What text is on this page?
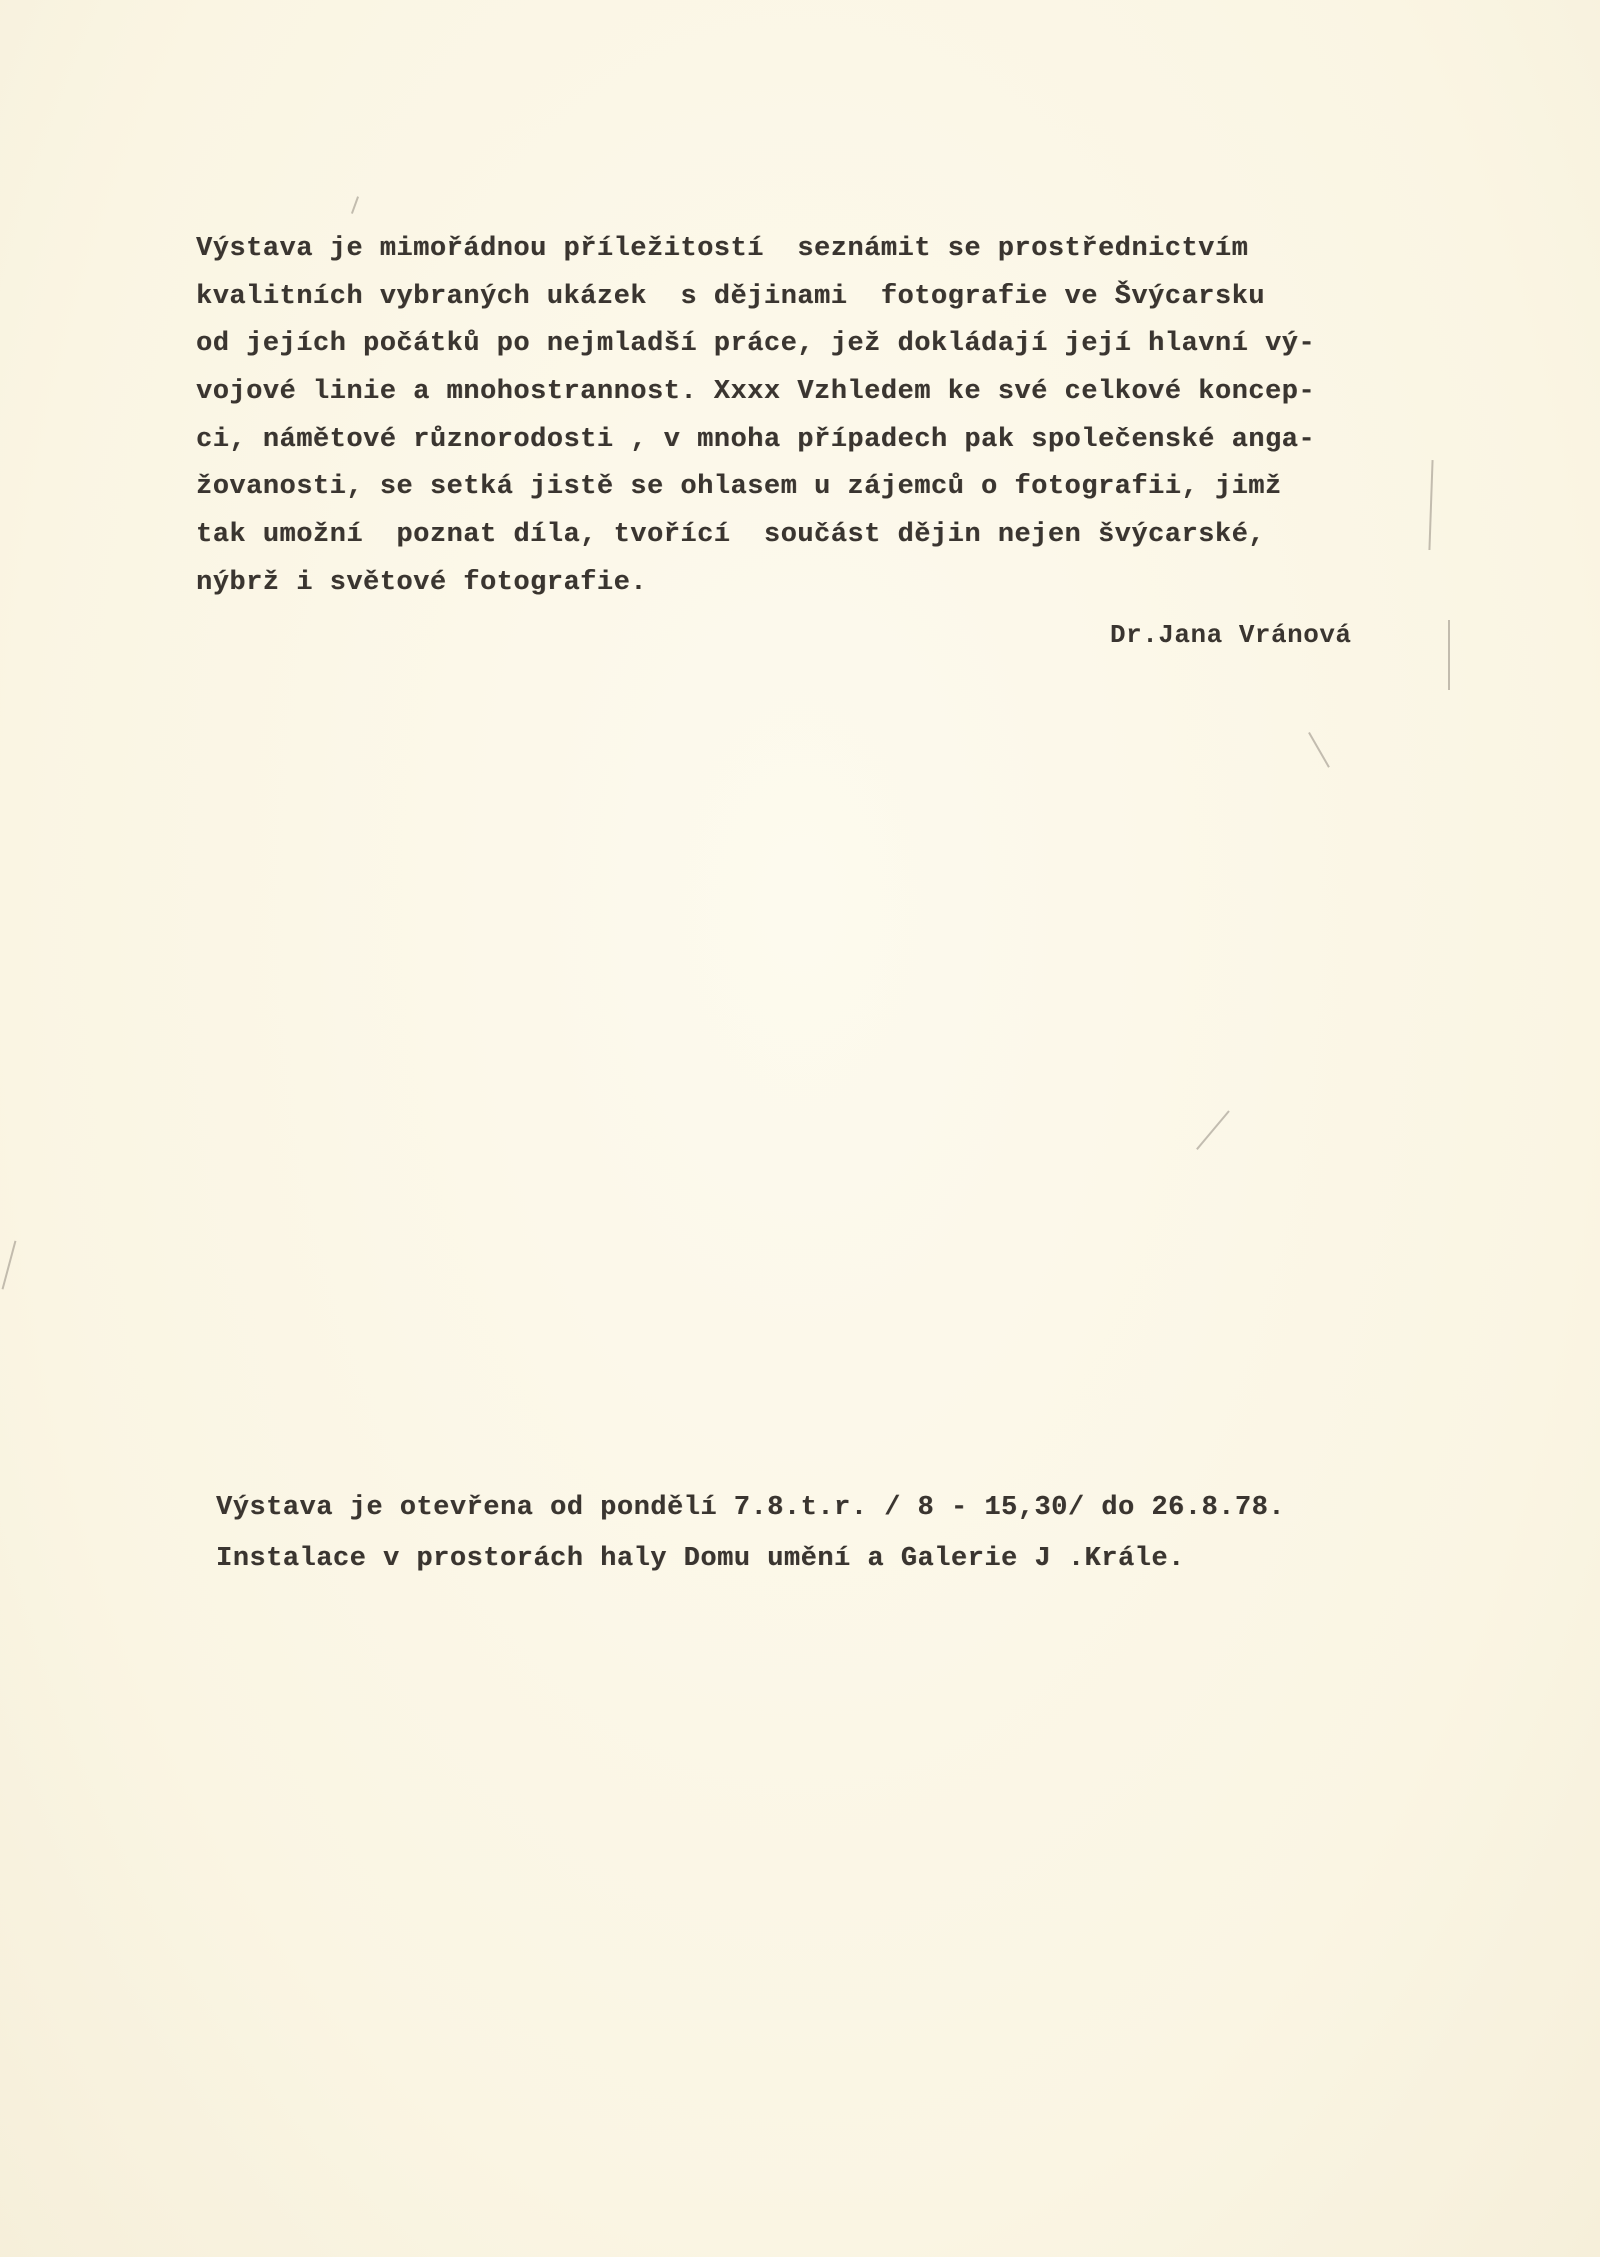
Výstava je mimořádnou příležitostí  seznámit se prostřednictvím
kvalitních vybraných ukázek  s dějinami  fotografie ve Švýcarsku
od jejích počátků po nejmladší práce, jež dokládají její hlavní vý-
vojové linie a mnohostrannost. Xxxx Vzhledem ke své celkové koncep-
ci, námětové různorodosti , v mnoha případech pak společenské anga-
žovanosti, se setká jistě se ohlasem u zájemců o fotografii, jimž
tak umožní  poznat díla, tvořící  součást dějin nejen švýcarské,
nýbrž i světové fotografie.
Dr.Jana Vránová
Výstava je otevřena od pondělí 7.8.t.r. / 8 - 15,30/ do 26.8.78.
Instalace v prostorách haly Domu umění a Galerie J .Krále.
